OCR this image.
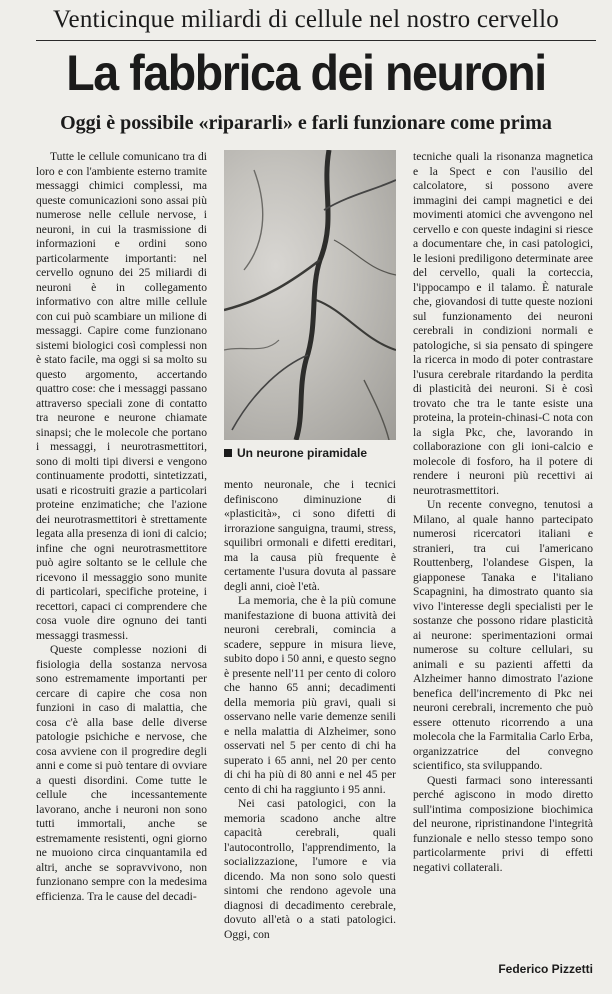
Venticinque miliardi di cellule nel nostro cervello
La fabbrica dei neuroni
Oggi è possibile «ripararli» e farli funzionare come prima

Tutte le cellule comunicano tra di loro e con l'ambiente esterno tramite messaggi chimici complessi, ma queste comunicazioni sono assai più numerose nelle cellule nervose, i neuroni, in cui la trasmissione di informazioni e ordini sono particolarmente importanti: nel cervello ognuno dei 25 miliardi di neuroni è in collegamento informativo con altre mille cellule con cui può scambiare un milione di messaggi. Capire come funzionano sistemi biologici così complessi non è stato facile, ma oggi si sa molto su questo argomento, accertando quattro cose: che i messaggi passano attraverso speciali zone di contatto tra neurone e neurone chiamate sinapsi; che le molecole che portano i messaggi, i neurotrasmettitori, sono di molti tipi diversi e vengono continuamente prodotti, sintetizzati, usati e ricostruiti grazie a particolari proteine enzimatiche; che l'azione dei neurotrasmettitori è strettamente legata alla presenza di ioni di calcio; infine che ogni neurotrasmettitore può agire soltanto se le cellule che ricevono il messaggio sono munite di particolari, specifiche proteine, i recettori, capaci ci comprendere che cosa vuole dire ognuno dei tanti messaggi trasmessi.

Queste complesse nozioni di fisiologia della sostanza nervosa sono estremamente importanti per cercare di capire che cosa non funzioni in caso di malattia, che cosa c'è alla base delle diverse patologie psichiche e nervose, che cosa avviene con il progredire degli anni e come si può tentare di ovviare a questi disordini. Come tutte le cellule che incessantemente lavorano, anche i neuroni non sono tutti immortali, anche se estremamente resistenti, ogni giorno ne muoiono circa cinquantamila ed altri, anche se sopravvivono, non funzionano sempre con la medesima efficienza. Tra le cause del decadi-

Un neurone piramidale

mento neuronale, che i tecnici definiscono diminuzione di «plasticità», ci sono difetti di irrorazione sanguigna, traumi, stress, squilibri ormonali e difetti ereditari, ma la causa più frequente è certamente l'usura dovuta al passare degli anni, cioè l'età.

La memoria, che è la più comune manifestazione di buona attività dei neuroni cerebrali, comincia a scadere, seppure in misura lieve, subito dopo i 50 anni, e questo segno è presente nell'11 per cento di coloro che hanno 65 anni; decadimenti della memoria più gravi, quali si osservano nelle varie demenze senili e nella malattia di Alzheimer, sono osservati nel 5 per cento di chi ha superato i 65 anni, nel 20 per cento di chi ha più di 80 anni e nel 45 per cento di chi ha raggiunto i 95 anni.

Nei casi patologici, con la memoria scadono anche altre capacità cerebrali, quali l'autocontrollo, l'apprendimento, la socializzazione, l'umore e via dicendo. Ma non sono solo questi sintomi che rendono agevole una diagnosi di decadimento cerebrale, dovuto all'età o a stati patologici. Oggi, con

tecniche quali la risonanza magnetica e la Spect e con l'ausilio del calcolatore, si possono avere immagini dei campi magnetici e dei movimenti atomici che avvengono nel cervello e con queste indagini si riesce a documentare che, in casi patologici, le lesioni prediligono determinate aree del cervello, quali la corteccia, l'ippocampo e il talamo. È naturale che, giovandosi di tutte queste nozioni sul funzionamento dei neuroni cerebrali in condizioni normali e patologiche, si sia pensato di spingere la ricerca in modo di poter contrastare l'usura cerebrale ritardando la perdita di plasticità dei neuroni. Si è così trovato che tra le tante esiste una proteina, la protein-chinasi-C nota con la sigla Pkc, che, lavorando in collaborazione con gli ioni-calcio e molecole di fosforo, ha il potere di rendere i neuroni più recettivi ai neurotrasmettitori.

Un recente convegno, tenutosi a Milano, al quale hanno partecipato numerosi ricercatori italiani e stranieri, tra cui l'americano Routtenberg, l'olandese Gispen, la giapponese Tanaka e l'italiano Scapagnini, ha dimostrato quanto sia vivo l'interesse degli specialisti per le sostanze che possono ridare plasticità ai neurone: sperimentazioni ormai numerose su colture cellulari, su animali e su pazienti affetti da Alzheimer hanno dimostrato l'azione benefica dell'incremento di Pkc nei neuroni cerebrali, incremento che può essere ottenuto ricorrendo a una molecola che la Farmitalia Carlo Erba, organizzatrice del convegno scientifico, sta sviluppando.

Questi farmaci sono interessanti perché agiscono in modo diretto sull'intima composizione biochimica del neurone, ripristinandone l'integrità funzionale e nello stesso tempo sono particolarmente privi di effetti negativi collaterali.

Federico Pizzetti
